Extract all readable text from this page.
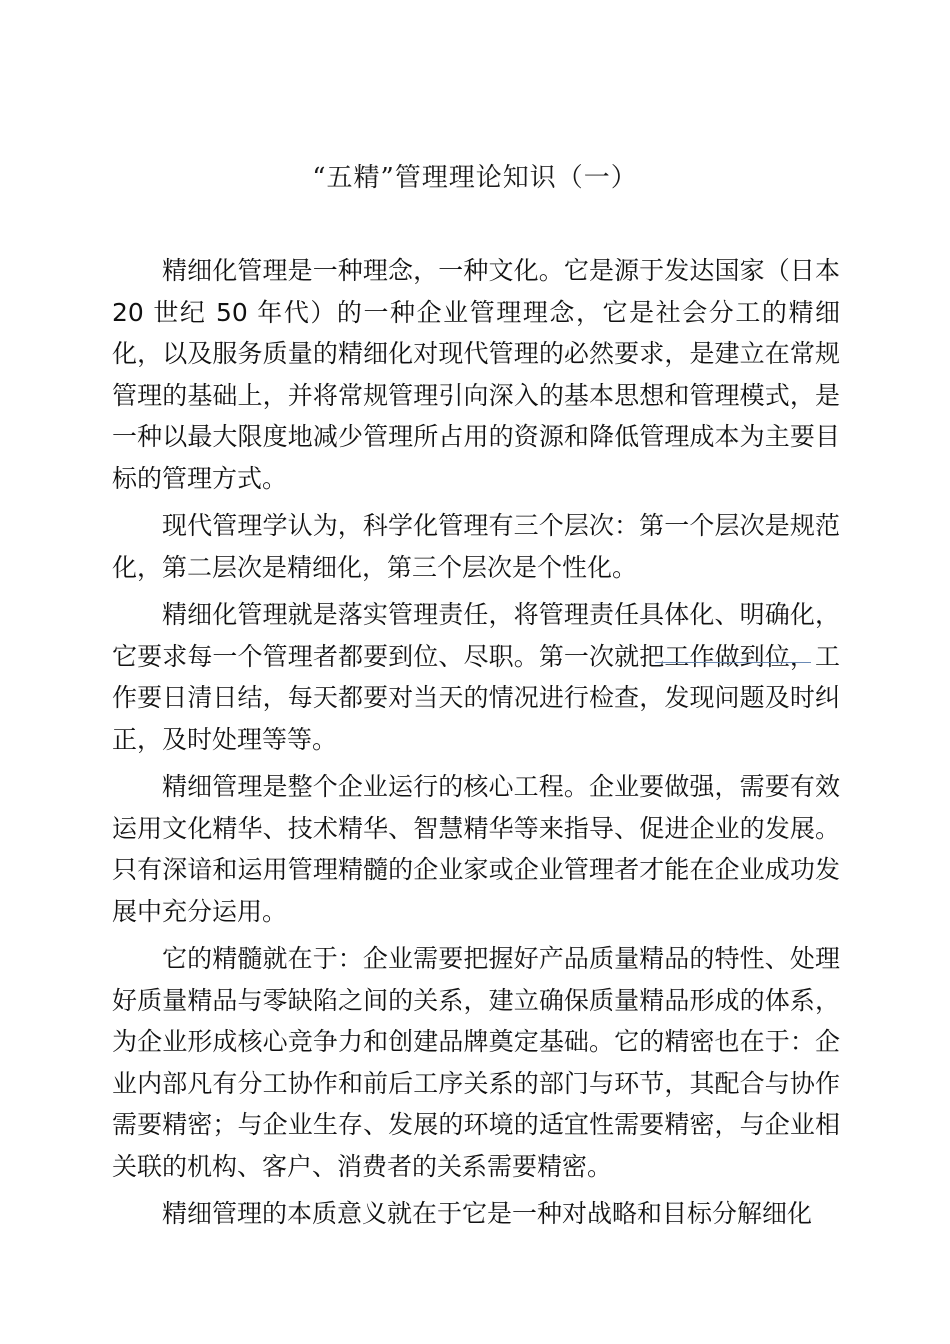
“五精”管理理论知识（一）

精细化管理是一种理念，一种文化。它是源于发达国家（日本 20 世纪 50 年代）的一种企业管理理念，它是社会分工的精细化，以及服务质量的精细化对现代管理的必然要求，是建立在常规管理的基础上，并将常规管理引向深入的基本思想和管理模式，是一种以最大限度地减少管理所占用的资源和降低管理成本为主要目标的管理方式。

现代管理学认为，科学化管理有三个层次：第一个层次是规范化，第二层次是精细化，第三个层次是个性化。

精细化管理就是落实管理责任，将管理责任具体化、明确化，它要求每一个管理者都要到位、尽职。第一次就把工作做到位，工作要日清日结，每天都要对当天的情况进行检查，发现问题及时纠正，及时处理等等。

精细管理是整个企业运行的核心工程。企业要做强，需要有效运用文化精华、技术精华、智慧精华等来指导、促进企业的发展。只有深谙和运用管理精髓的企业家或企业管理者才能在企业成功发展中充分运用。

它的精髓就在于：企业需要把握好产品质量精品的特性、处理好质量精品与零缺陷之间的关系，建立确保质量精品形成的体系，为企业形成核心竞争力和创建品牌奠定基础。它的精密也在于：企业内部凡有分工协作和前后工序关系的部门与环节，其配合与协作需要精密；与企业生存、发展的环境的适宜性需要精密，与企业相关联的机构、客户、消费者的关系需要精密。

精细管理的本质意义就在于它是一种对战略和目标分解细化
